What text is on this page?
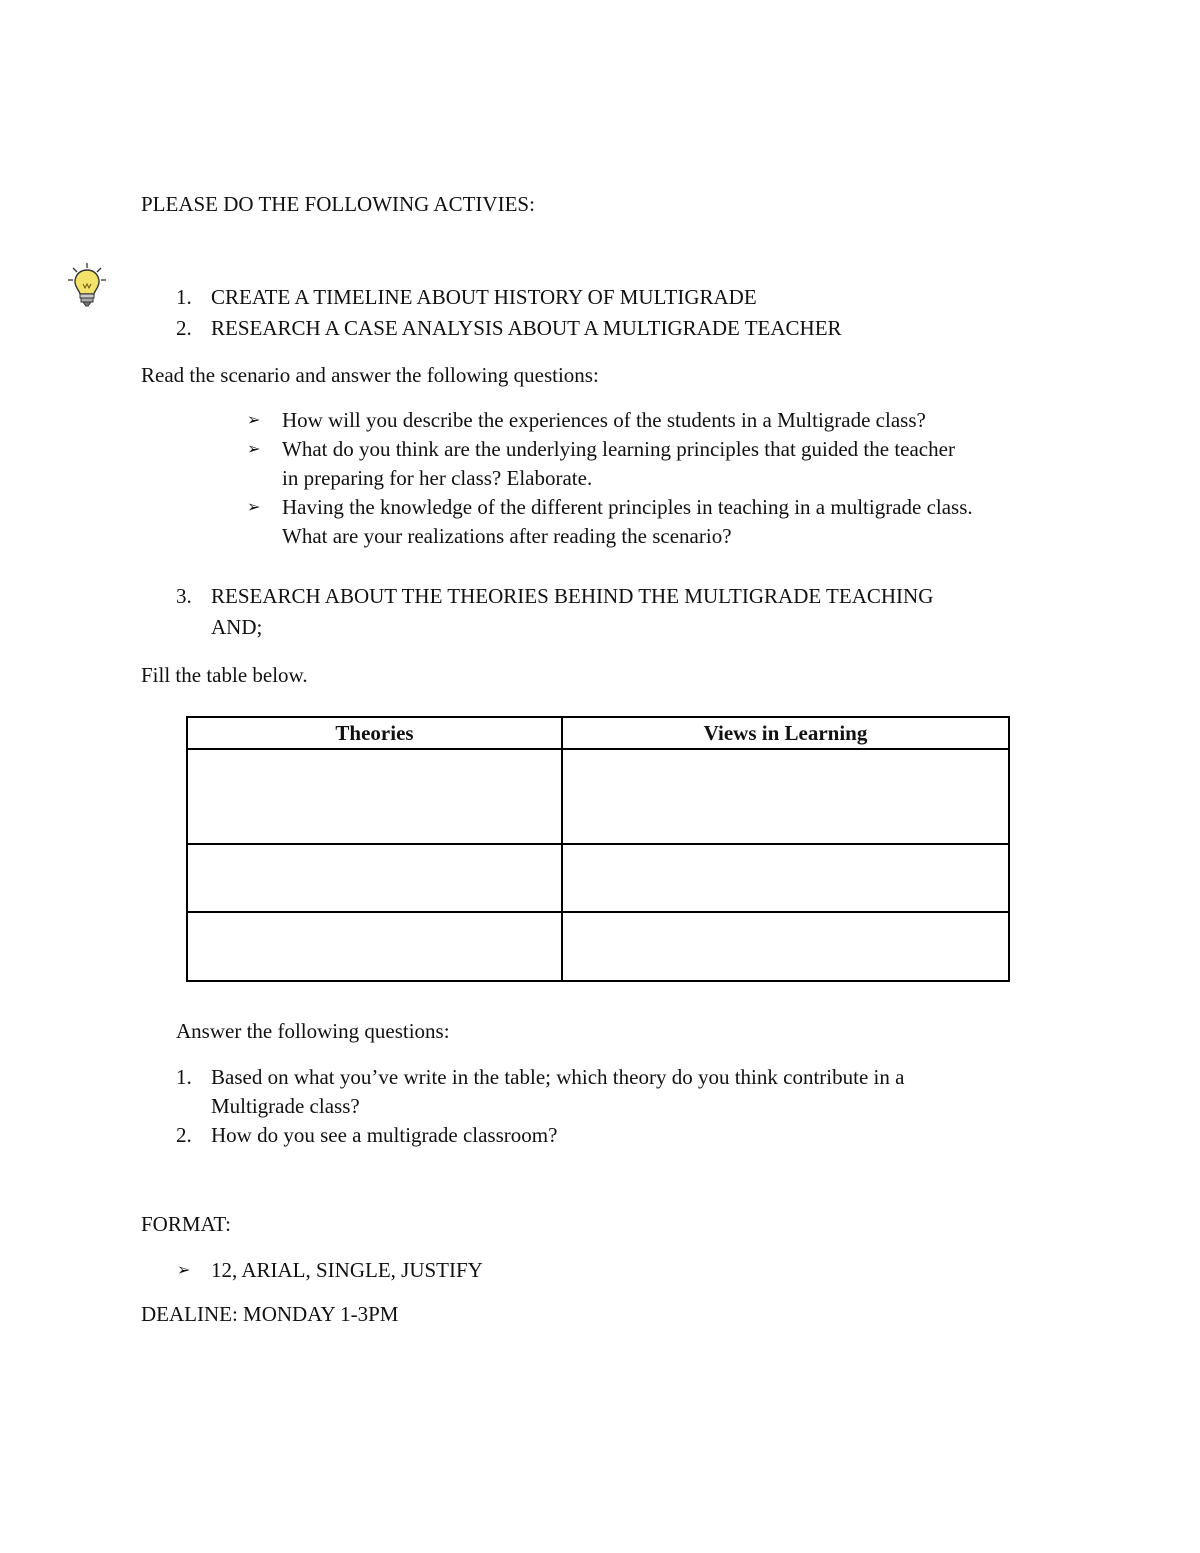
PLEASE DO THE FOLLOWING ACTIVIES:
1. CREATE A TIMELINE ABOUT HISTORY OF MULTIGRADE
2. RESEARCH A CASE ANALYSIS ABOUT A MULTIGRADE TEACHER
Read the scenario and answer the following questions:
➢ How will you describe the experiences of the students in a Multigrade class?
➢ What do you think are the underlying learning principles that guided the teacher
in preparing for her class? Elaborate.
➢ Having the knowledge of the different principles in teaching in a multigrade class.
What are your realizations after reading the scenario?
3. RESEARCH ABOUT THE THEORIES BEHIND THE MULTIGRADE TEACHING
AND;
Fill the table below.
Theories	Views in Learning

Answer the following questions:
1. Based on what you’ve write in the table; which theory do you think contribute in a
Multigrade class?
2. How do you see a multigrade classroom?
FORMAT:
➢ 12, ARIAL, SINGLE, JUSTIFY
DEALINE: MONDAY 1-3PM
